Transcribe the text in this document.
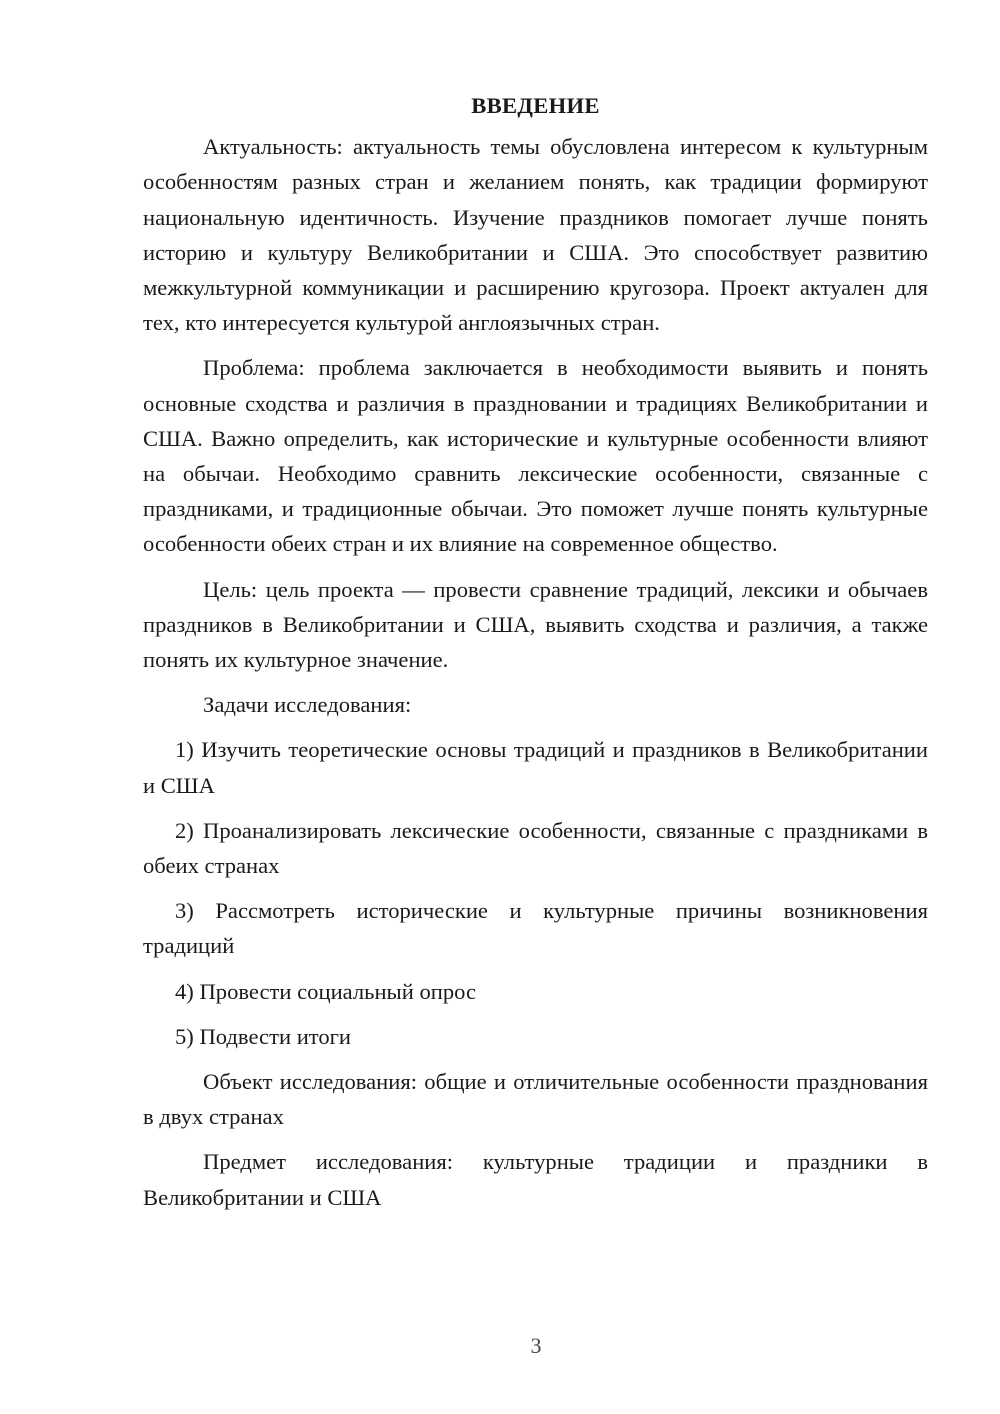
ВВЕДЕНИЕ

Актуальность: актуальность темы обусловлена интересом к культурным особенностям разных стран и желанием понять, как традиции формируют национальную идентичность. Изучение праздников помогает лучше понять историю и культуру Великобритании и США. Это способствует развитию межкультурной коммуникации и расширению кругозора. Проект актуален для тех, кто интересуется культурой англоязычных стран.

Проблема: проблема заключается в необходимости выявить и понять основные сходства и различия в праздновании и традициях Великобритании и США. Важно определить, как исторические и культурные особенности влияют на обычаи. Необходимо сравнить лексические особенности, связанные с праздниками, и традиционные обычаи. Это поможет лучше понять культурные особенности обеих стран и их влияние на современное общество.

Цель: цель проекта — провести сравнение традиций, лексики и обычаев праздников в Великобритании и США, выявить сходства и различия, а также понять их культурное значение.

Задачи исследования:

1) Изучить теоретические основы традиций и праздников в Великобритании и США

2) Проанализировать лексические особенности, связанные с праздниками в обеих странах

3) Рассмотреть исторические и культурные причины возникновения традиций

4) Провести социальный опрос

5) Подвести итоги

Объект исследования: общие и отличительные особенности празднования в двух странах

Предмет исследования: культурные традиции и праздники в Великобритании и США

3
